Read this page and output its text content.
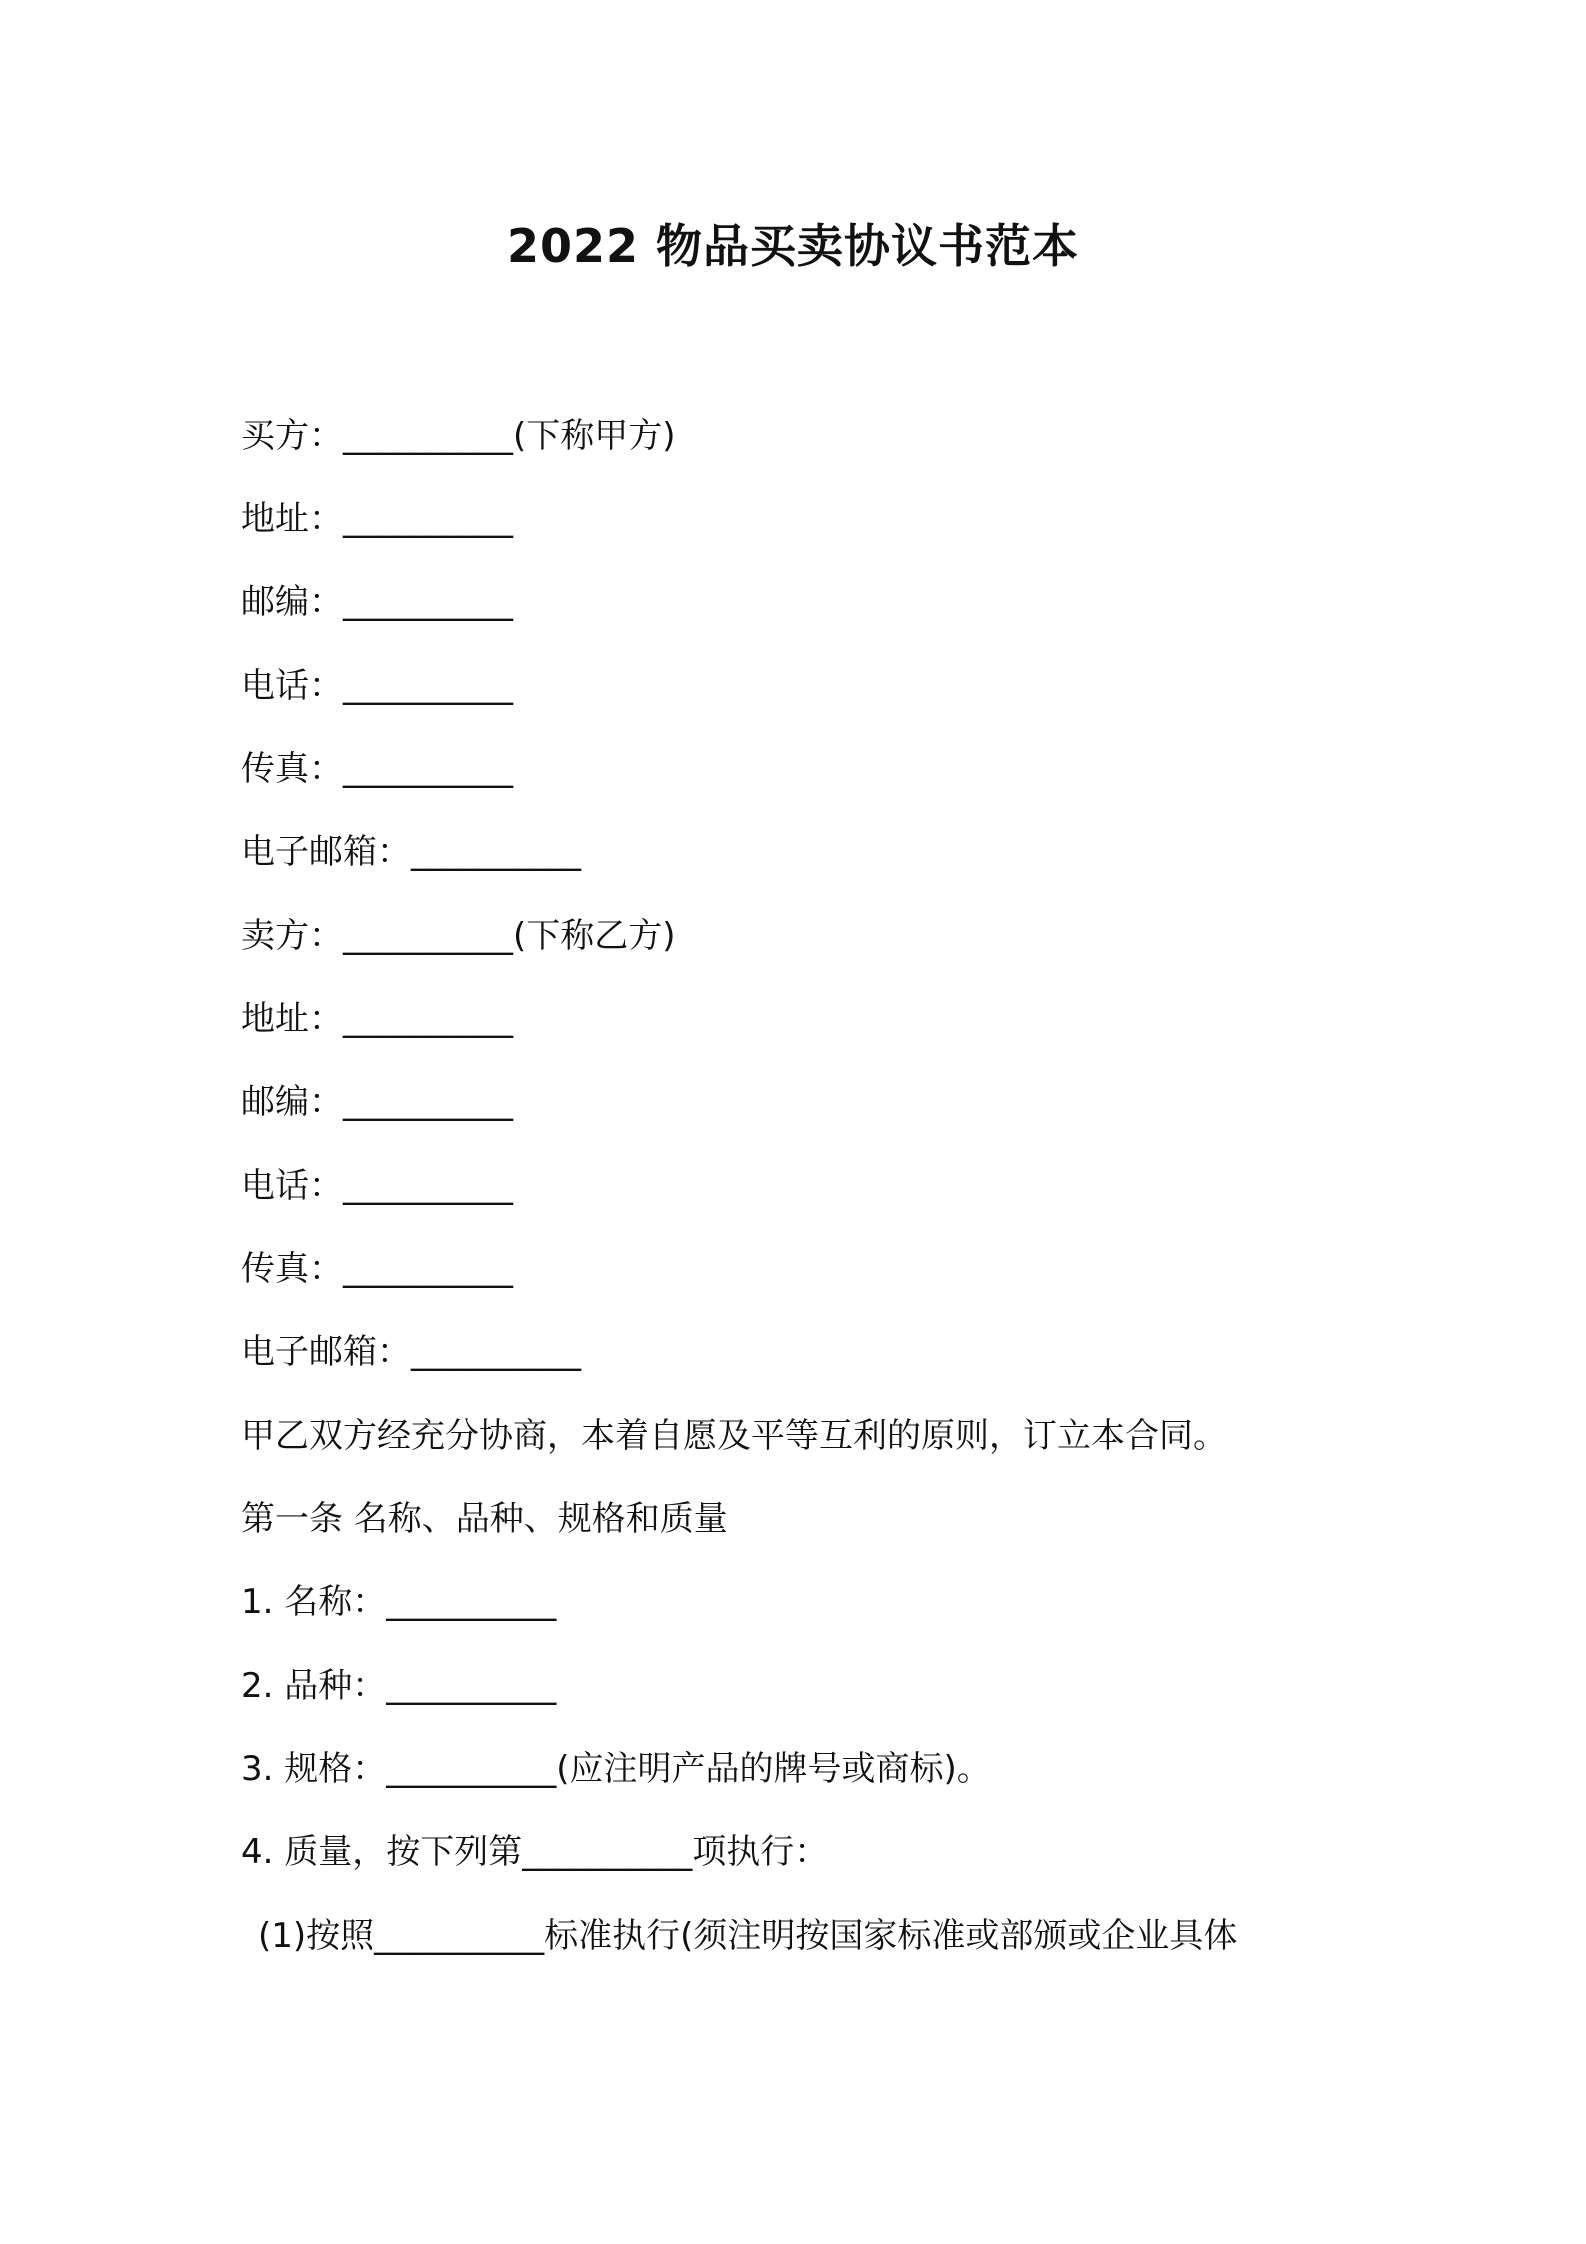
2022 物品买卖协议书范本
买方：__________(下称甲方)
地址：__________
邮编：__________
电话：__________
传真：__________
电子邮箱：__________
卖方：__________(下称乙方)
地址：__________
邮编：__________
电话：__________
传真：__________
电子邮箱：__________
甲乙双方经充分协商，本着自愿及平等互利的原则，订立本合同。
第一条 名称、品种、规格和质量
1. 名称：__________
2. 品种：__________
3. 规格：__________(应注明产品的牌号或商标)。
4. 质量，按下列第__________项执行：
(1)按照__________标准执行(须注明按国家标准或部颁或企业具体
